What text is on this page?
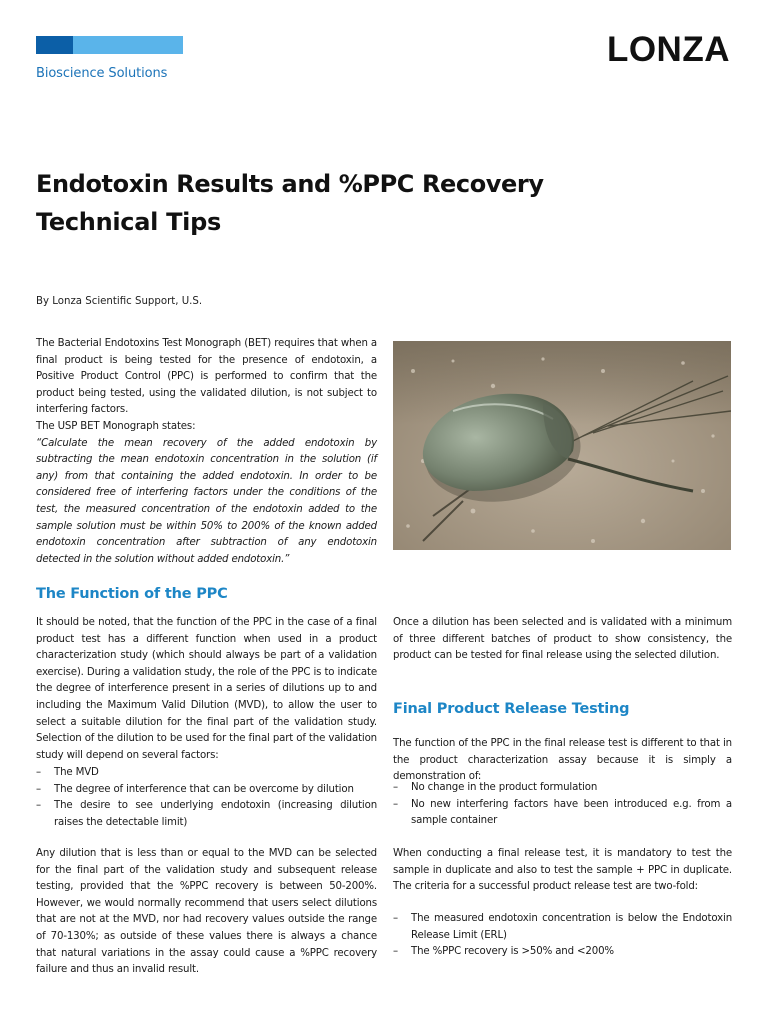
Bioscience Solutions
LONZA
Endotoxin Results and %PPC Recovery
Technical Tips

By Lonza Scientific Support, U.S.

The Bacterial Endotoxins Test Monograph (BET) requires that when a final product is being tested for the presence of endotoxin, a Positive Product Control (PPC) is performed to confirm that the product being tested, using the validated dilution, is not subject to interfering factors.

The USP BET Monograph states:

“Calculate the mean recovery of the added endotoxin by subtracting the mean endotoxin concentration in the solution (if any) from that containing the added endotoxin. In order to be considered free of interfering factors under the conditions of the test, the measured concentration of the endotoxin added to the sample solution must be within 50% to 200% of the known added endotoxin concentration after subtraction of any endotoxin detected in the solution without added endotoxin.”

The Function of the PPC

It should be noted, that the function of the PPC in the case of a final product test has a different function when used in a product characterization study (which should always be part of a validation exercise). During a validation study, the role of the PPC is to indicate the degree of interference present in a series of dilutions up to and including the Maximum Valid Dilution (MVD), to allow the user to select a suitable dilution for the final part of the validation study. Selection of the dilution to be used for the final part of the validation study will depend on several factors:

– The MVD
– The degree of interference that can be overcome by dilution
– The desire to see underlying endotoxin (increasing dilution raises the detectable limit)

Any dilution that is less than or equal to the MVD can be selected for the final part of the validation study and subsequent release testing, provided that the %PPC recovery is between 50-200%. However, we would normally recommend that users select dilutions that are not at the MVD, nor had recovery values outside the range of 70-130%; as outside of these values there is always a chance that natural variations in the assay could cause a %PPC recovery failure and thus an invalid result.

Once a dilution has been selected and is validated with a minimum of three different batches of product to show consistency, the product can be tested for final release using the selected dilution.

Final Product Release Testing

The function of the PPC in the final release test is different to that in the product characterization assay because it is simply a demonstration of:

– No change in the product formulation
– No new interfering factors have been introduced e.g. from a sample container

When conducting a final release test, it is mandatory to test the sample in duplicate and also to test the sample + PPC in duplicate. The criteria for a successful product release test are two-fold:

– The measured endotoxin concentration is below the Endotoxin Release Limit (ERL)
– The %PPC recovery is >50% and <200%
